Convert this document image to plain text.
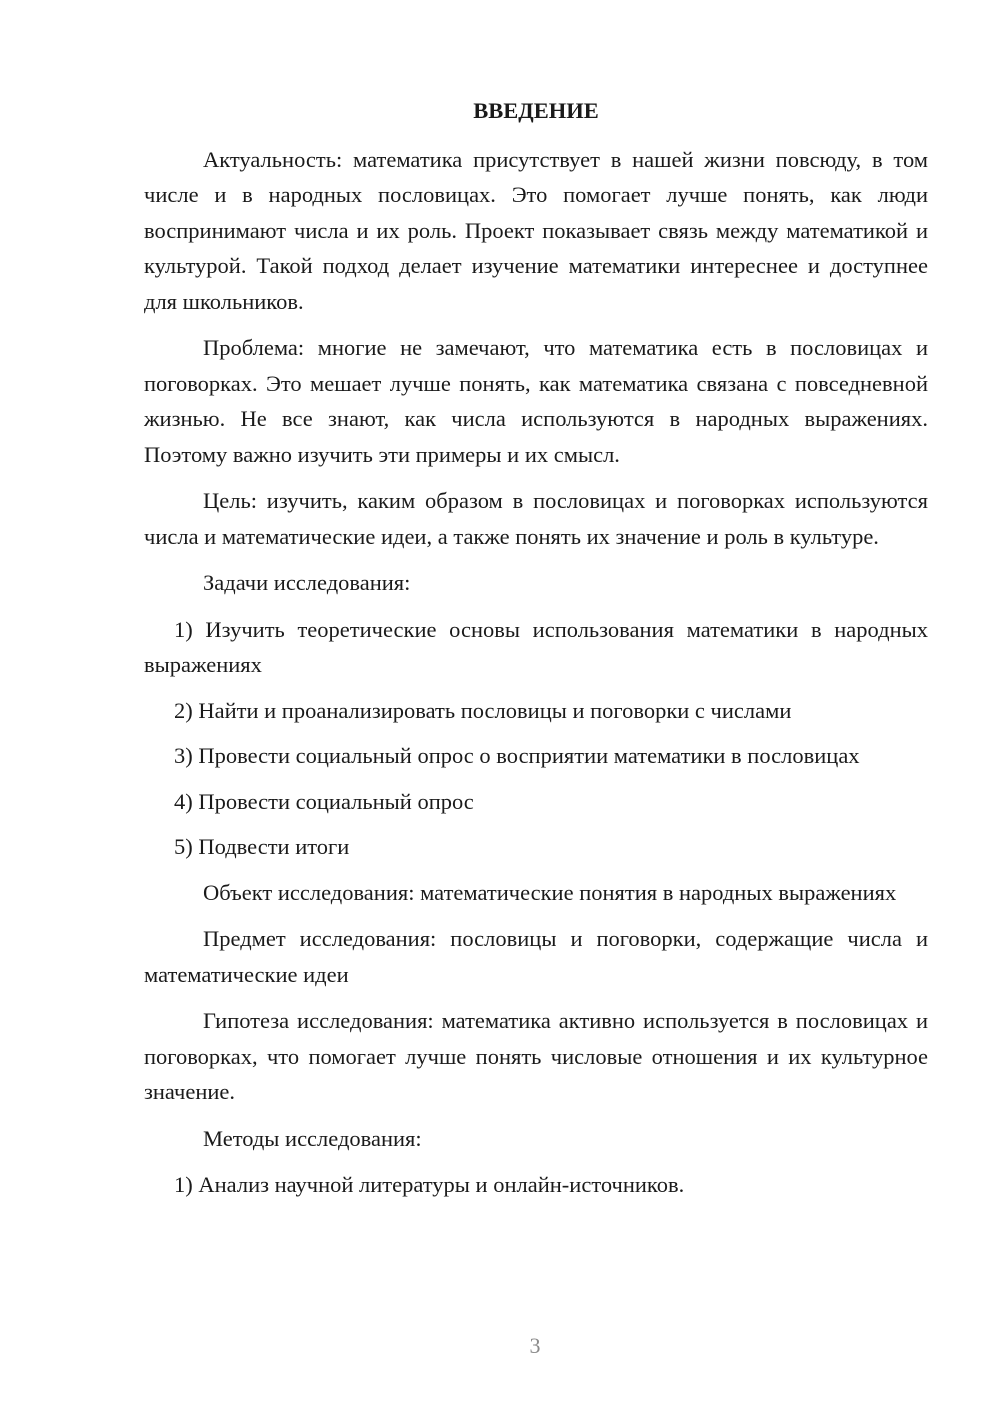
ВВЕДЕНИЕ

Актуальность: математика присутствует в нашей жизни повсюду, в том числе и в народных пословицах. Это помогает лучше понять, как люди воспринимают числа и их роль. Проект показывает связь между математикой и культурой. Такой подход делает изучение математики интереснее и доступнее для школьников.

Проблема: многие не замечают, что математика есть в пословицах и поговорках. Это мешает лучше понять, как математика связана с повседневной жизнью. Не все знают, как числа используются в народных выражениях. Поэтому важно изучить эти примеры и их смысл.

Цель: изучить, каким образом в пословицах и поговорках используются числа и математические идеи, а также понять их значение и роль в культуре.

Задачи исследования:

1) Изучить теоретические основы использования математики в народных выражениях

2) Найти и проанализировать пословицы и поговорки с числами

3) Провести социальный опрос о восприятии математики в пословицах

4) Провести социальный опрос

5) Подвести итоги

Объект исследования: математические понятия в народных выражениях

Предмет исследования: пословицы и поговорки, содержащие числа и математические идеи

Гипотеза исследования: математика активно используется в пословицах и поговорках, что помогает лучше понять числовые отношения и их культурное значение.

Методы исследования:

1) Анализ научной литературы и онлайн-источников.

3
